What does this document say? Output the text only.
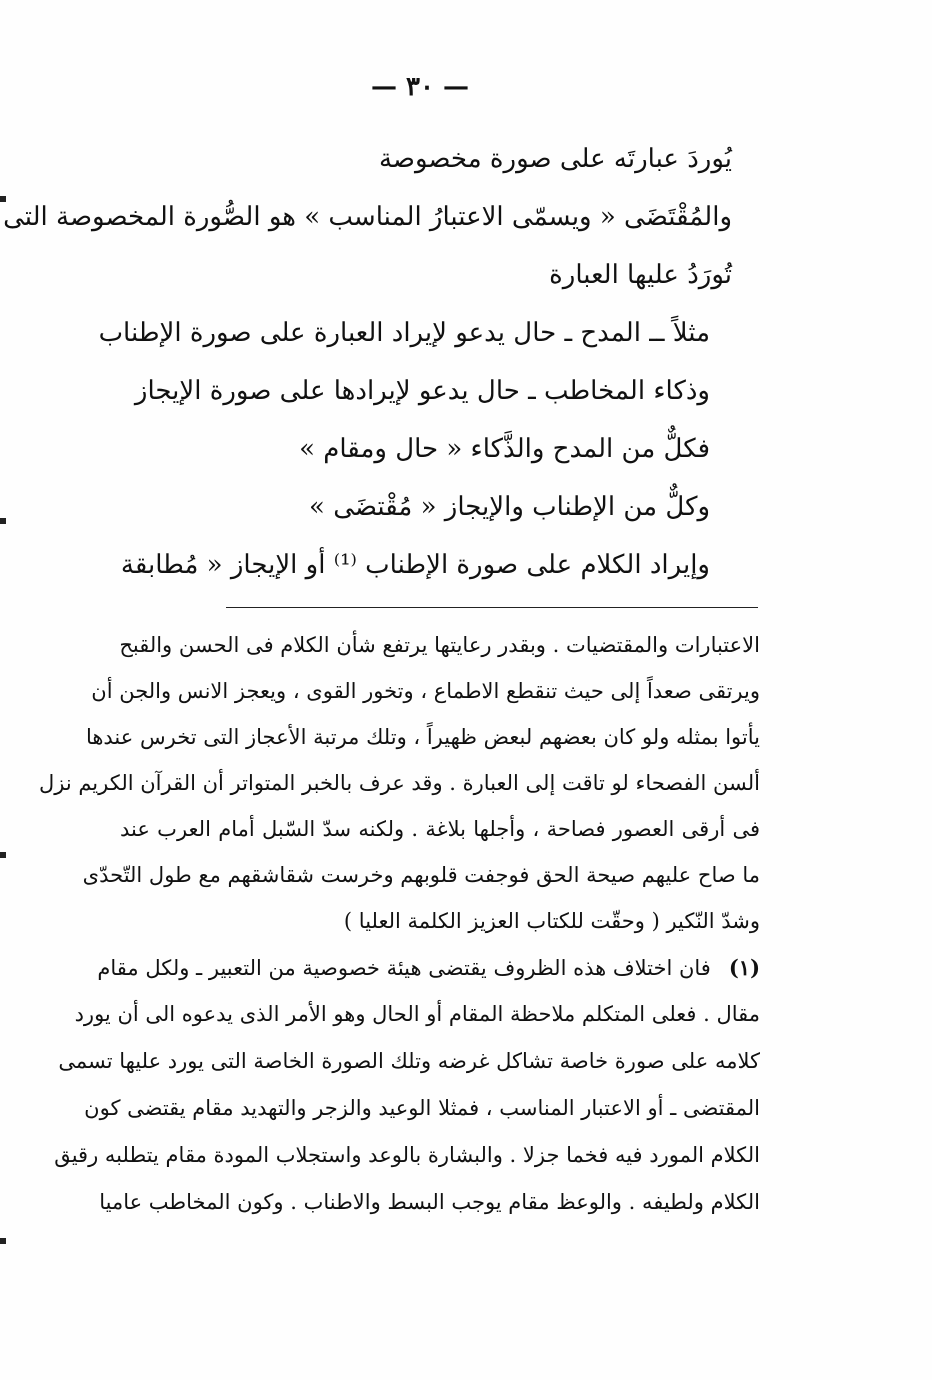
— ٣٠ —
يُوردَ عبارتَه على صورة مخصوصة
والمُقْتَضَى « ويسمّى الاعتبارُ المناسب » هو الصُّورة المخصوصة التى
تُورَدُ عليها العبارة
مثلاً ــ المدح ـ حال يدعو لإيراد العبارة على صورة الإطناب
وذكاء المخاطب ـ حال يدعو لإيرادها على صورة الإيجاز
فكلٌّ من المدح والذَّكاء « حال ومقام »
وكلٌّ من الإطناب والإيجاز « مُقْتضَى »
وإيراد الكلام على صورة الإطناب ⁽¹⁾ أو الإيجاز « مُطابقة
الاعتبارات والمقتضيات . وبقدر رعايتها يرتفع شأن الكلام فى الحسن والقبح
ويرتقى صعداً إلى حيث تنقطع الاطماع ، وتخور القوى ، ويعجز الانس والجن أن
يأتوا بمثله ولو كان بعضهم لبعض ظهيراً ، وتلك مرتبة الأعجاز التى تخرس عندها
ألسن الفصحاء لو تاقت إلى العبارة . وقد عرف بالخبر المتواتر أن القرآن الكريم نزل
فى أرقى العصور فصاحة ، وأجلها بلاغة . ولكنه سدّ السّبل أمام العرب عند
ما صاح عليهم صيحة الحق فوجفت قلوبهم وخرست شقاشقهم مع طول التّحدّى
وشدّ النّكير ( وحقّت للكتاب العزيز الكلمة العليا )
(١)فان اختلاف هذه الظروف يقتضى هيئة خصوصية من التعبير ـ ولكل مقام
مقال . فعلى المتكلم ملاحظة المقام أو الحال وهو الأمر الذى يدعوه الى أن يورد
كلامه على صورة خاصة تشاكل غرضه وتلك الصورة الخاصة التى يورد عليها تسمى
المقتضى ـ أو الاعتبار المناسب ، فمثلا الوعيد والزجر والتهديد مقام يقتضى كون
الكلام المورد فيه فخما جزلا . والبشارة بالوعد واستجلاب المودة مقام يتطلبه رقيق
الكلام ولطيفه . والوعظ مقام يوجب البسط والاطناب . وكون المخاطب عاميا
